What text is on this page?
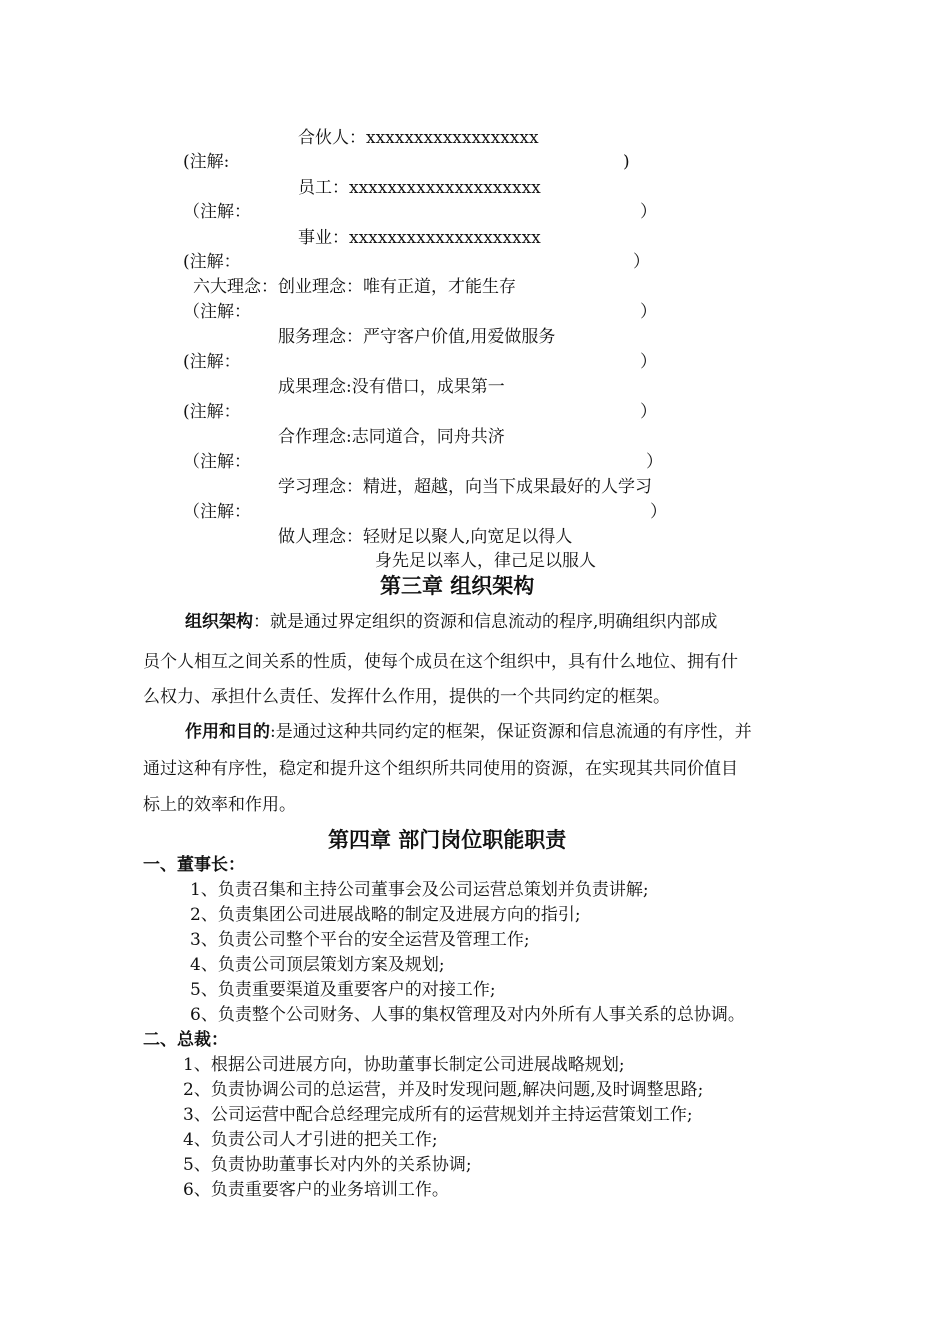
合伙人：xxxxxxxxxxxxxxxxxx
(注解:	)
员工：xxxxxxxxxxxxxxxxxxxx
（注解：	）
事业：xxxxxxxxxxxxxxxxxxxx
(注解：	）
六大理念：创业理念：唯有正道，才能生存
（注解：	）
服务理念：严守客户价值,用爱做服务
(注解：	）
成果理念:没有借口，成果第一
(注解：	）
合作理念:志同道合，同舟共济
（注解：	）
学习理念：精进，超越，向当下成果最好的人学习
（注解：	）
做人理念：轻财足以聚人,向宽足以得人
身先足以率人，律己足以服人
第三章 组织架构
组织架构：就是通过界定组织的资源和信息流动的程序,明确组织内部成
员个人相互之间关系的性质，使每个成员在这个组织中，具有什么地位、拥有什
么权力、承担什么责任、发挥什么作用，提供的一个共同约定的框架。
作用和目的:是通过这种共同约定的框架，保证资源和信息流通的有序性，并
通过这种有序性，稳定和提升这个组织所共同使用的资源，在实现其共同价值目
标上的效率和作用。
第四章 部门岗位职能职责
一、董事长：
1、负责召集和主持公司董事会及公司运营总策划并负责讲解;
2、负责集团公司进展战略的制定及进展方向的指引;
3、负责公司整个平台的安全运营及管理工作;
4、负责公司顶层策划方案及规划;
5、负责重要渠道及重要客户的对接工作;
6、负责整个公司财务、人事的集权管理及对内外所有人事关系的总协调。
二、总裁：
1、根据公司进展方向，协助董事长制定公司进展战略规划;
2、负责协调公司的总运营，并及时发现问题,解决问题,及时调整思路;
3、公司运营中配合总经理完成所有的运营规划并主持运营策划工作;
4、负责公司人才引进的把关工作;
5、负责协助董事长对内外的关系协调;
6、负责重要客户的业务培训工作。
